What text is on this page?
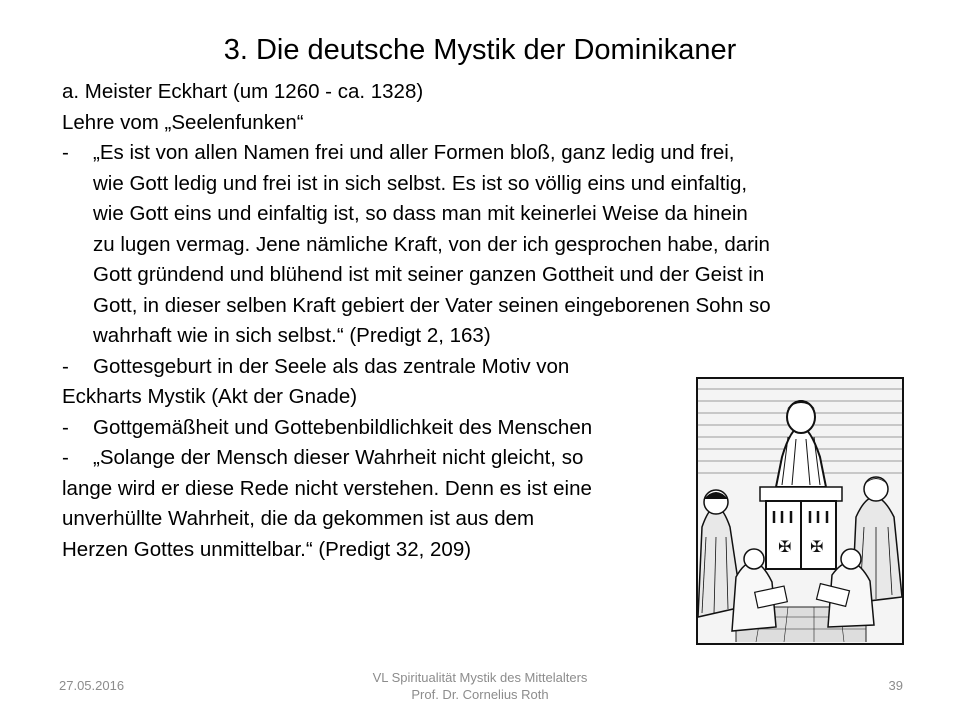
3. Die deutsche Mystik der Dominikaner
a. Meister Eckhart (um 1260 - ca. 1328)
Lehre vom „Seelenfunken“
-	„Es ist von allen Namen frei und aller Formen bloß, ganz ledig und frei,
wie Gott ledig und frei ist in sich selbst. Es ist so völlig eins und einfaltig,
wie Gott eins und einfaltig ist, so dass man mit keinerlei Weise da hinein
zu lugen vermag. Jene nämliche Kraft, von der ich gesprochen habe, darin
Gott gründend und blühend ist mit seiner ganzen Gottheit und der Geist in
Gott, in dieser selben Kraft gebiert der Vater seinen eingeborenen Sohn so
wahrhaft wie in sich selbst.“ (Predigt 2, 163)
-	Gottesgeburt in der Seele als das zentrale Motiv von
Eckharts Mystik (Akt der Gnade)
-	Gottgemäßheit und Gottebenbildlichkeit des Menschen
-	„Solange der Mensch dieser Wahrheit nicht gleicht, so
lange wird er diese Rede nicht verstehen. Denn es ist eine
unverhüllte Wahrheit, die da gekommen ist aus dem
Herzen Gottes unmittelbar.“ (Predigt 32, 209)	✠ ✠
27.05.2016
VL Spiritualität Mystik des Mittelalters
Prof. Dr. Cornelius Roth
39
